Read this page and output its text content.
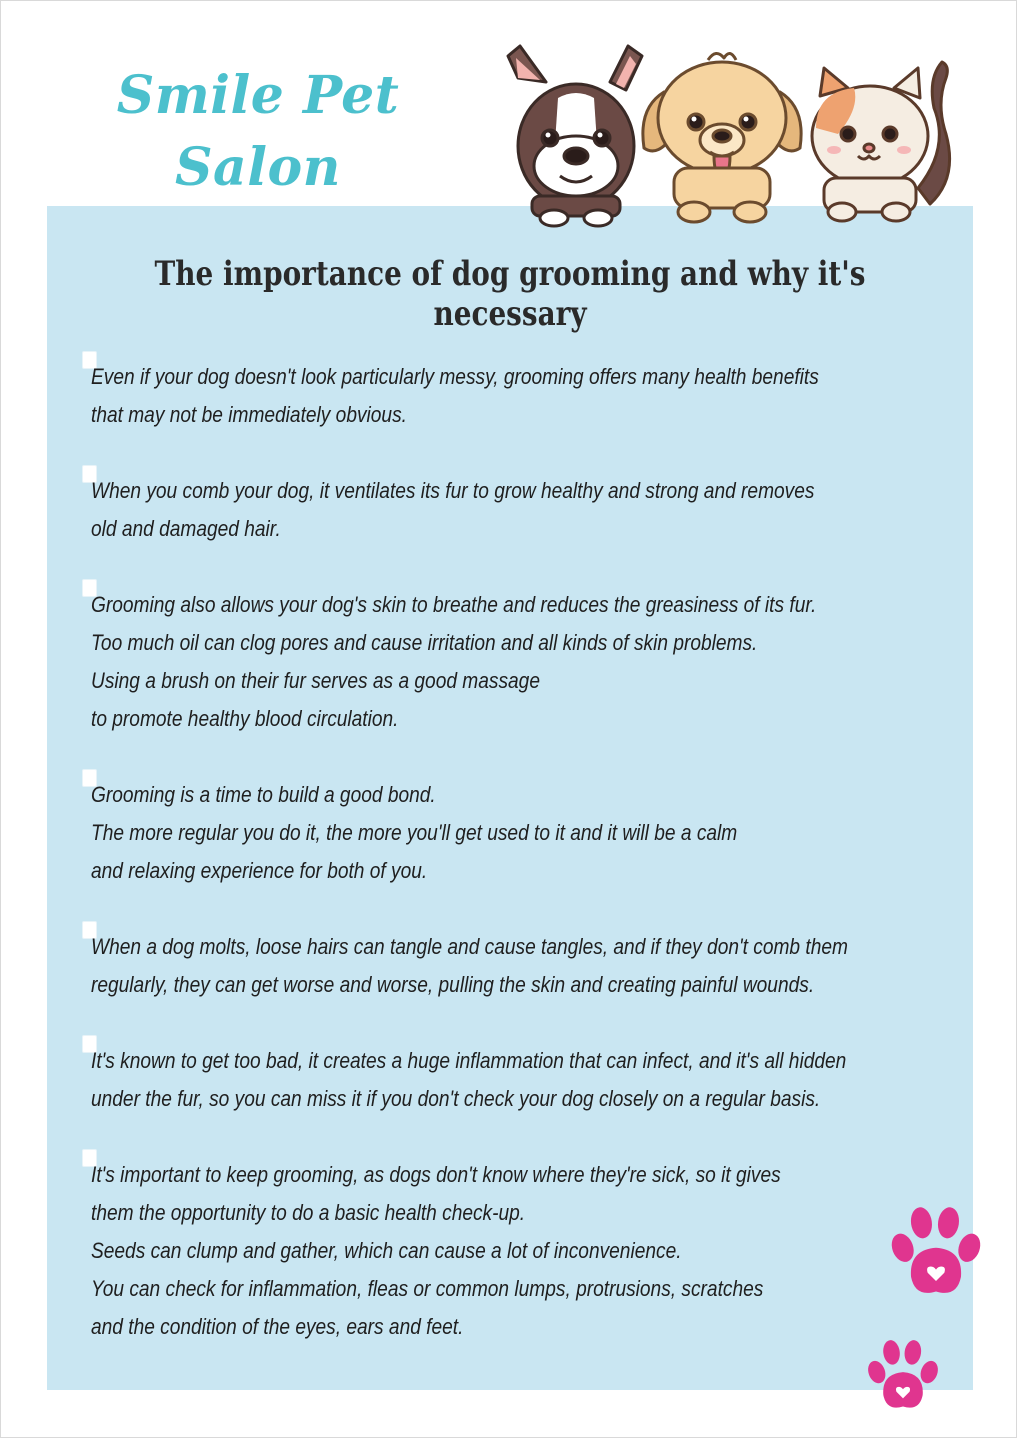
Smile Pet Salon
The importance of dog grooming and why it's necessary
Even if your dog doesn't look particularly messy, grooming offers many health benefits
that may not be immediately obvious.
When you comb your dog, it ventilates its fur to grow healthy and strong and removes
old and damaged hair.
Grooming also allows your dog's skin to breathe and reduces the greasiness of its fur.
Too much oil can clog pores and cause irritation and all kinds of skin problems.
Using a brush on their fur serves as a good massage
to promote healthy blood circulation.
Grooming is a time to build a good bond.
The more regular you do it, the more you'll get used to it and it will be a calm
and relaxing experience for both of you.
When a dog molts, loose hairs can tangle and cause tangles, and if they don't comb them
regularly, they can get worse and worse, pulling the skin and creating painful wounds.
It's known to get too bad, it creates a huge inflammation that can infect, and it's all hidden
under the fur, so you can miss it if you don't check your dog closely on a regular basis.
It's important to keep grooming, as dogs don't know where they're sick, so it gives
them the opportunity to do a basic health check-up.
Seeds can clump and gather, which can cause a lot of inconvenience.
You can check for inflammation, fleas or common lumps, protrusions, scratches
and the condition of the eyes, ears and feet.
